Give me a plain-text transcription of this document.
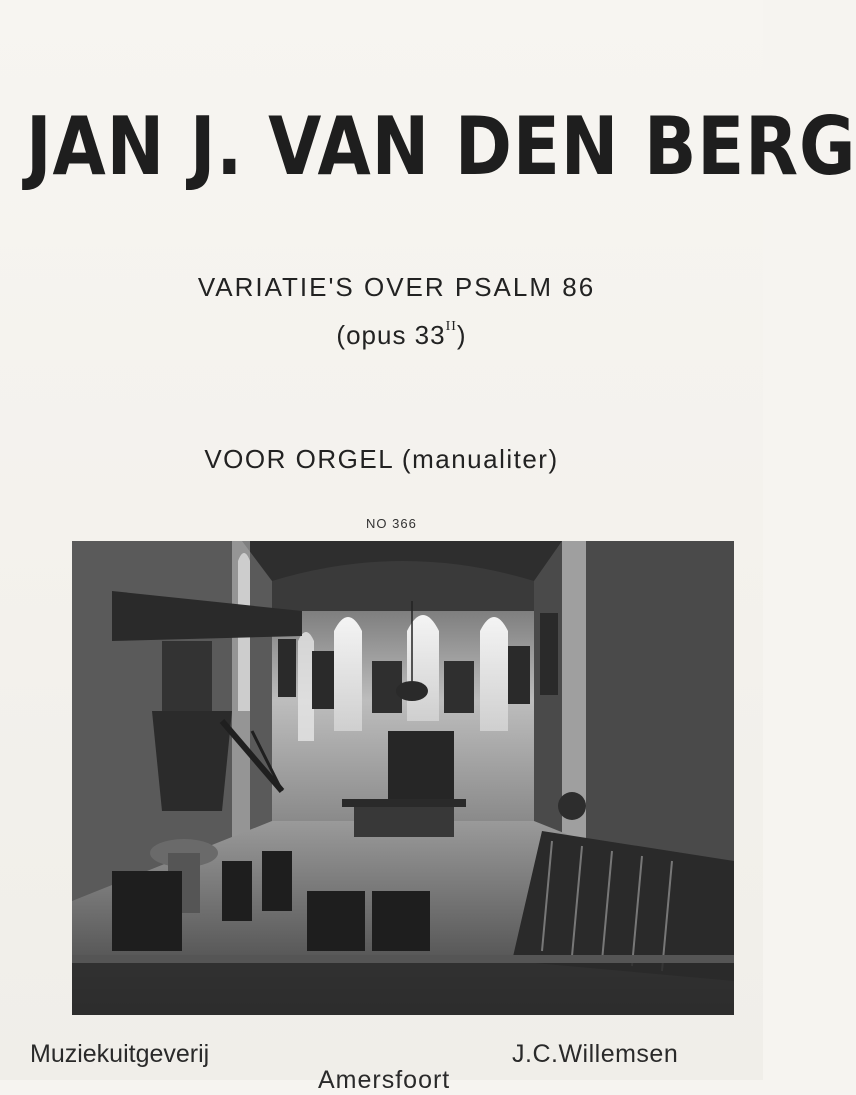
JAN J. VAN DEN BERG
VARIATIE'S OVER PSALM 86
(opus $33^{II}$)
VOOR ORGEL (manualiter)
NO 366
Muziekuitgeverij	J.C.Willemsen
Amersfoort
